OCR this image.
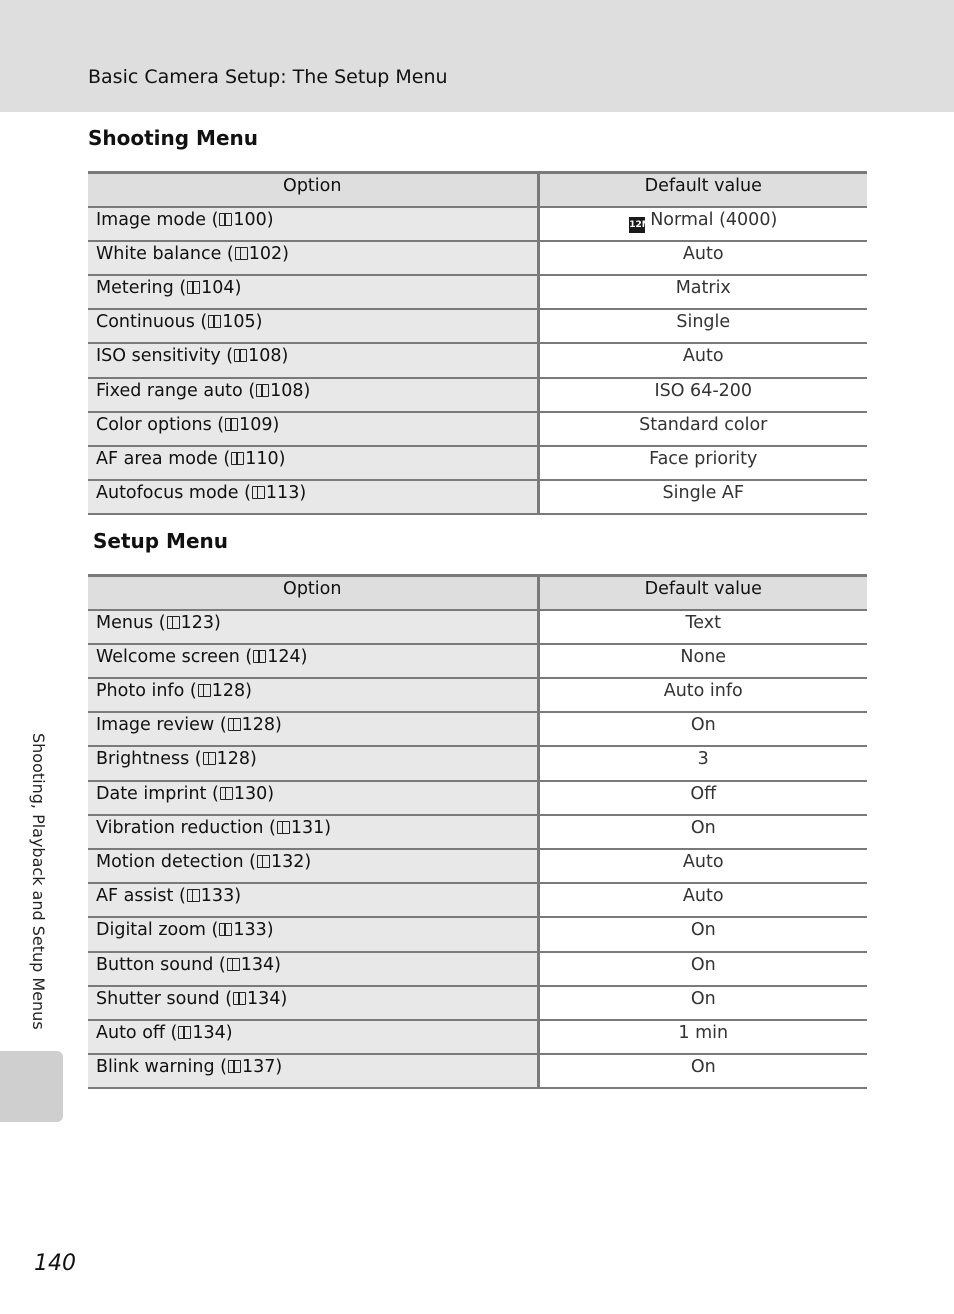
Basic Camera Setup: The Setup Menu
Shooting Menu
Option	Default value
Image mode ( 100)	12MNormal (4000)
White balance ( 102)	Auto
Metering ( 104)	Matrix
Continuous ( 105)	Single
ISO sensitivity ( 108)	Auto
Fixed range auto ( 108)	ISO 64-200
Color options ( 109)	Standard color
AF area mode ( 110)	Face priority
Autofocus mode ( 113)	Single AF
Setup Menu
Option	Default value
Menus ( 123)	Text
Welcome screen ( 124)	None
Photo info ( 128)	Auto info
Image review ( 128)	On
Brightness ( 128)	3
Date imprint ( 130)	Off
Vibration reduction ( 131)	On
Motion detection ( 132)	Auto
AF assist ( 133)	Auto
Digital zoom ( 133)	On
Button sound ( 134)	On
Shutter sound ( 134)	On
Auto off ( 134)	1 min
Blink warning ( 137)	On
Shooting, Playback and Setup Menus
140
